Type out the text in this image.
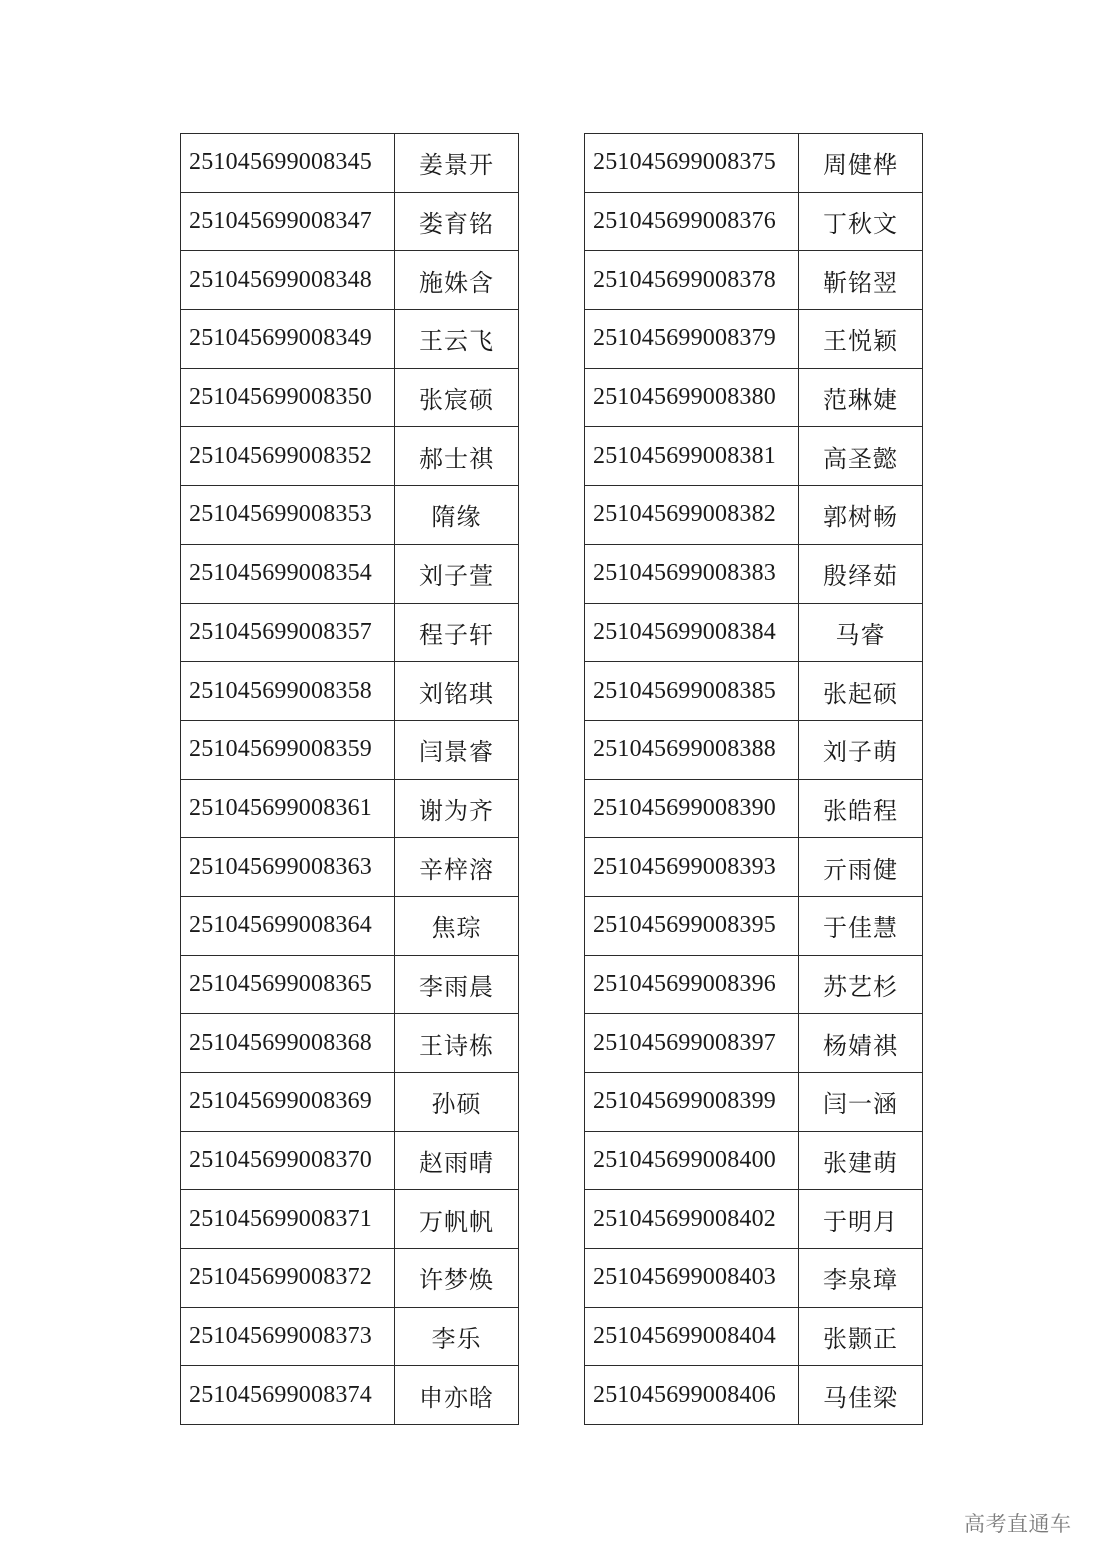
251045699008345	姜景开
251045699008347	娄育铭
251045699008348	施姝含
251045699008349	王云飞
251045699008350	张宸硕
251045699008352	郝士祺
251045699008353	隋缘
251045699008354	刘子萱
251045699008357	程子轩
251045699008358	刘铭琪
251045699008359	闫景睿
251045699008361	谢为齐
251045699008363	辛梓溶
251045699008364	焦琮
251045699008365	李雨晨
251045699008368	王诗栋
251045699008369	孙硕
251045699008370	赵雨晴
251045699008371	万帆帆
251045699008372	许梦焕
251045699008373	李乐
251045699008374	申亦晗
251045699008375	周健桦
251045699008376	丁秋文
251045699008378	靳铭翌
251045699008379	王悦颖
251045699008380	范琳婕
251045699008381	高圣懿
251045699008382	郭树畅
251045699008383	殷绎茹
251045699008384	马睿
251045699008385	张起硕
251045699008388	刘子萌
251045699008390	张皓程
251045699008393	亓雨健
251045699008395	于佳慧
251045699008396	苏艺杉
251045699008397	杨婧祺
251045699008399	闫一涵
251045699008400	张建萌
251045699008402	于明月
251045699008403	李泉璋
251045699008404	张颢正
251045699008406	马佳梁
高考直通车
